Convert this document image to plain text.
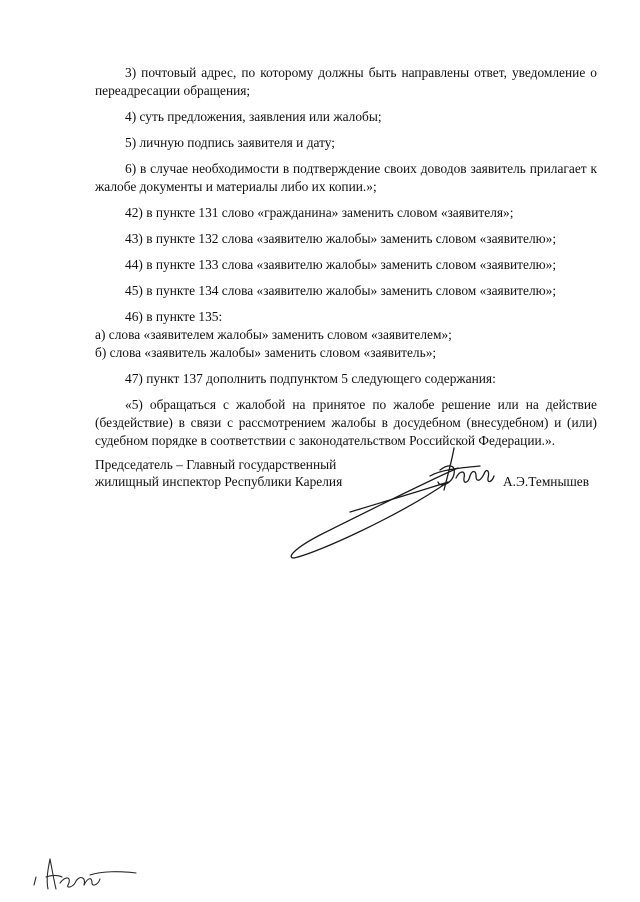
3) почтовый адрес, по которому должны быть направлены ответ, уведомление о переадресации обращения;

4) суть предложения, заявления или жалобы;

5) личную подпись заявителя и дату;

6) в случае необходимости в подтверждение своих доводов заявитель прилагает к жалобе документы и материалы либо их копии.»;

42) в пункте 131 слово «гражданина» заменить словом «заявителя»;

43) в пункте 132 слова «заявителю жалобы» заменить словом «заявителю»;

44) в пункте 133 слова «заявителю жалобы» заменить словом «заявителю»;

45) в пункте 134 слова «заявителю жалобы» заменить словом «заявителю»;

46) в пункте 135:

а) слова «заявителем жалобы» заменить словом «заявителем»;

б) слова «заявитель жалобы» заменить словом «заявитель»;

47) пункт 137 дополнить подпунктом 5 следующего содержания:

«5) обращаться с жалобой на принятое по жалобе решение или на действие (бездействие) в связи с рассмотрением жалобы в досудебном (внесудебном) и (или) судебном порядке в соответствии с законодательством Российской Федерации.».

Председатель – Главный государственный
жилищный инспектор Республики Карелия	А.Э.Темнышев
